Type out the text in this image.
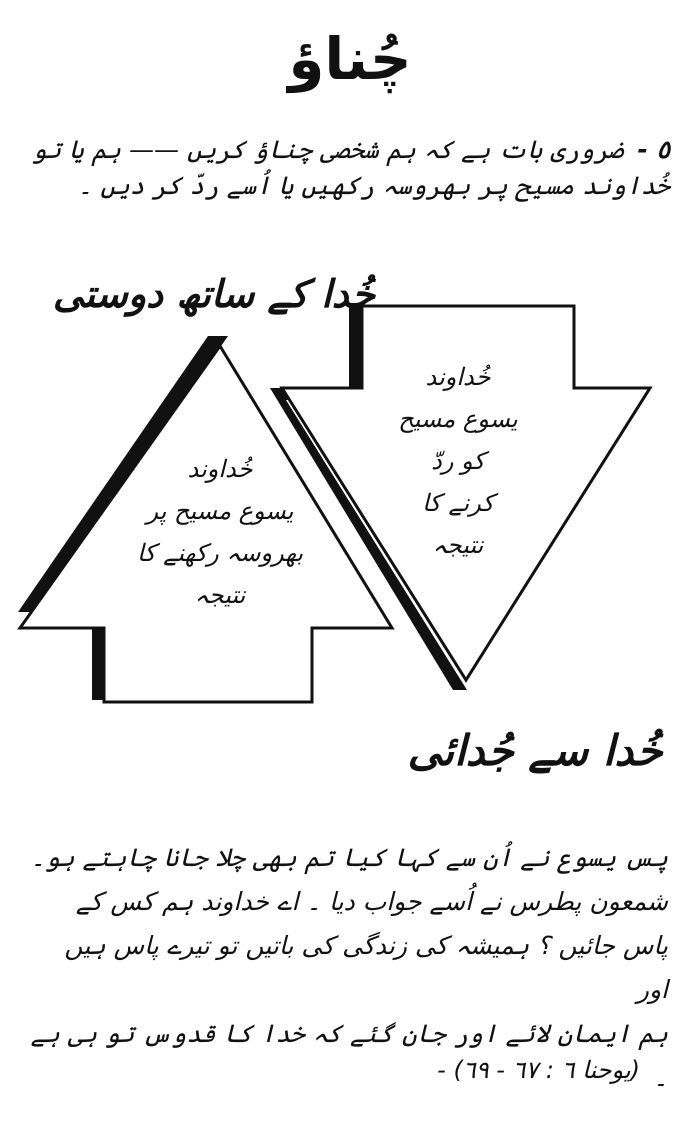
چُناؤ
٥ -ضروری بات ہے کہ ہم شخصی چناؤ کریں —— ہم یا تو خُداوند مسیح پر بھروسہ رکھیں یا اُسے ردّ کر دیں ۔
خُدا کے ساتھ دوستی
خُداوند
یسوع مسیح پر
بھروسہ رکھنے کا
نتیجہ
خُداوند
یسوع مسیح
کو ردّ
کرنے کا
نتیجہ
خُدا سے جُدائی
پس یسوع نے اُن سے کہا کیا تم بھی چلا جانا چاہتے ہو۔
شمعون پطرس نے اُسے جواب دیا ۔ اے خداوند ہم کس کے
پاس جائیں ؟ ہمیشہ کی زندگی کی باتیں تو تیرے پاس ہیں اور
ہم ایمان لائے اور جان گئے کہ خدا کا قدوس تو ہی ہے ۔
(یوحنا ٦ : ٦٧ - ٦٩) -
